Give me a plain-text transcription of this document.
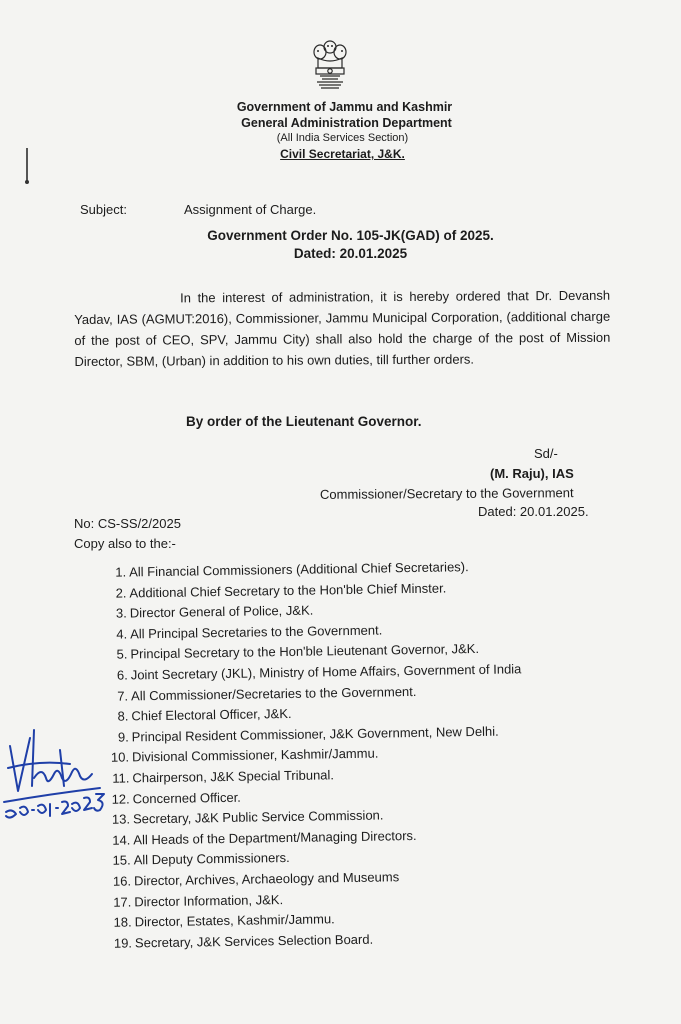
Government of Jammu and Kashmir
General Administration Department
(All India Services Section)
Civil Secretariat, J&K.
Subject:	Assignment of Charge.
Government Order No. 105-JK(GAD) of 2025.
Dated: 20.01.2025
In the interest of administration, it is hereby ordered that Dr. Devansh Yadav, IAS (AGMUT:2016), Commissioner, Jammu Municipal Corporation, (additional charge of the post of CEO, SPV, Jammu City) shall also hold the charge of the post of Mission Director, SBM, (Urban) in addition to his own duties, till further orders.
By order of the Lieutenant Governor.
Sd/-
(M. Raju), IAS
Commissioner/Secretary to the Government
Dated: 20.01.2025.
No: CS-SS/2/2025
Copy also to the:-
1. All Financial Commissioners (Additional Chief Secretaries).
2. Additional Chief Secretary to the Hon'ble Chief Minster.
3. Director General of Police, J&K.
4. All Principal Secretaries to the Government.
5. Principal Secretary to the Hon'ble Lieutenant Governor, J&K.
6. Joint Secretary (JKL), Ministry of Home Affairs, Government of India
7. All Commissioner/Secretaries to the Government.
8. Chief Electoral Officer, J&K.
9. Principal Resident Commissioner, J&K Government, New Delhi.
10. Divisional Commissioner, Kashmir/Jammu.
11. Chairperson, J&K Special Tribunal.
12. Concerned Officer.
13. Secretary, J&K Public Service Commission.
14. All Heads of the Department/Managing Directors.
15. All Deputy Commissioners.
16. Director, Archives, Archaeology and Museums
17. Director Information, J&K.
18. Director, Estates, Kashmir/Jammu.
19. Secretary, J&K Services Selection Board.
